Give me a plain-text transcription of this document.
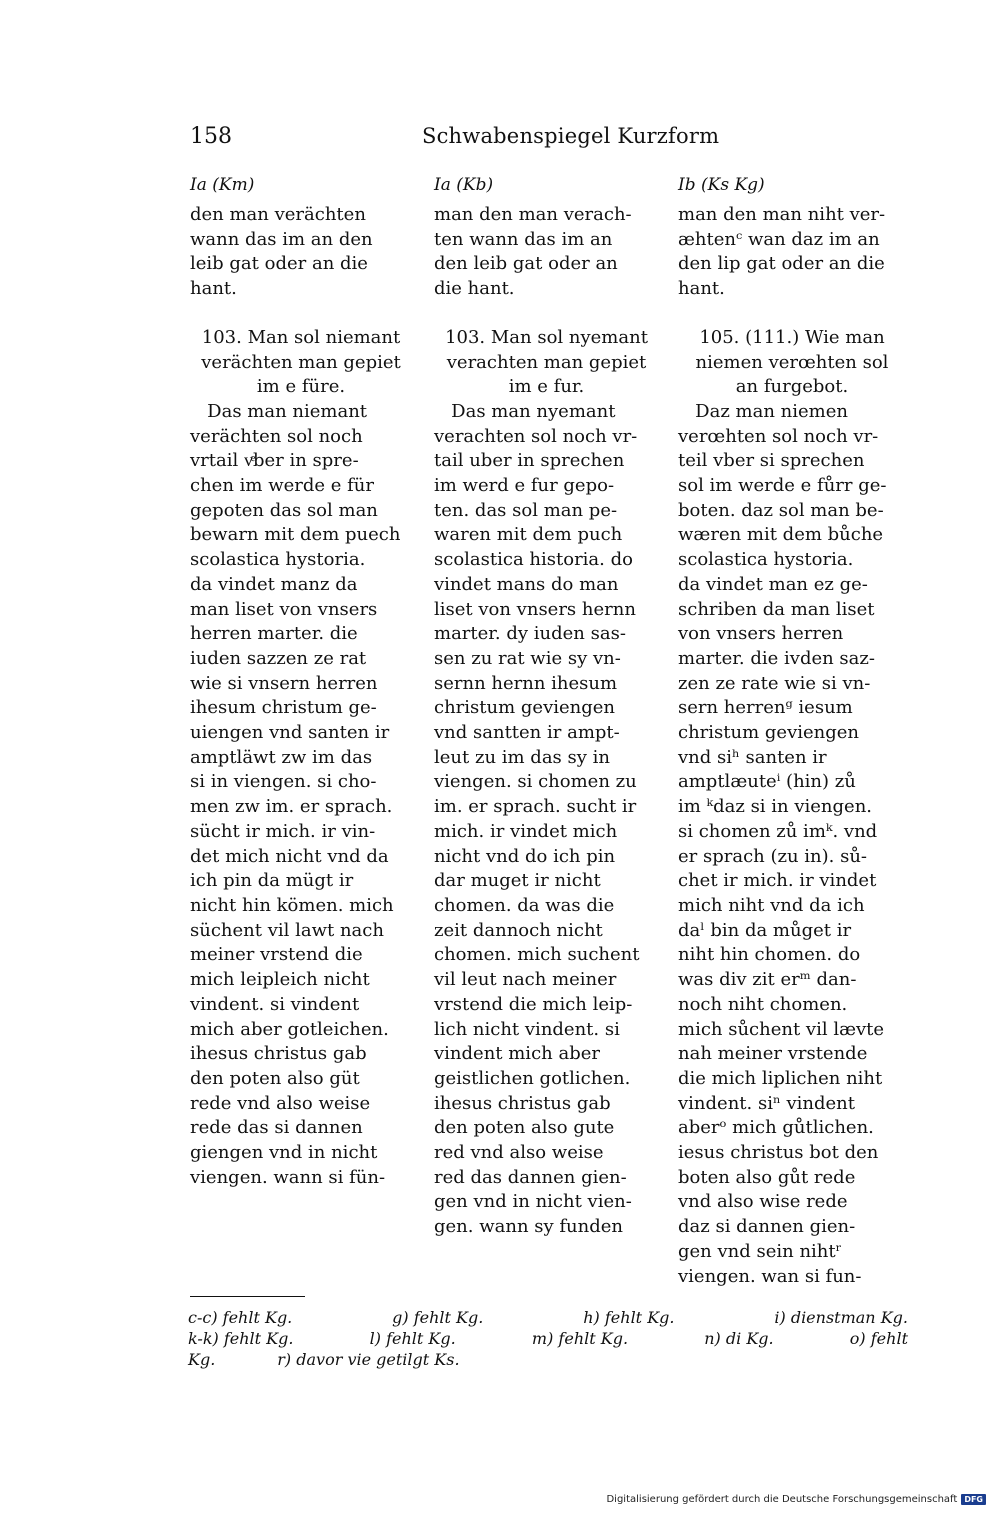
158	Schwabenspiegel Kurzform
Ia (Km)
den man verächten
wann das im an den
leib gat oder an die
hant.
103. Man sol niemant
verächten man gepiet
im e füre.
Das man niemant
verächten sol noch
vrtail vͤber in spre-
chen im werde e für
gepoten das sol man
bewarn mit dem puech
scolastica hystoria.
da vindet manz da
man liset von vnsers
herren marter. die
iuden sazzen ze rat
wie si vnsern herren
ihesum christum ge-
uiengen vnd santen ir
amptläwt zw im das
si in viengen. si cho-
men zw im. er sprach.
sücht ir mich. ir vin-
det mich nicht vnd da
ich pin da mügt ir
nicht hin kömen. mich
süchent vil lawt nach
meiner vrstend die
mich leipleich nicht
vindent. si vindent
mich aber gotleichen.
ihesus christus gab
den poten also güt
rede vnd also weise
rede das si dannen
giengen vnd in nicht
viengen. wann si fün-
Ia (Kb)
man den man verach-
ten wann das im an
den leib gat oder an
die hant.
103. Man sol nyemant
verachten man gepiet
im e fur.
Das man nyemant
verachten sol noch vr-
tail uber in sprechen
im werd e fur gepo-
ten. das sol man pe-
waren mit dem puch
scolastica historia. do
vindet mans do man
liset von vnsers hernn
marter. dy iuden sas-
sen zu rat wie sy vn-
sernn hernn ihesum
christum geviengen
vnd santten ir ampt-
leut zu im das sy in
viengen. si chomen zu
im. er sprach. sucht ir
mich. ir vindet mich
nicht vnd do ich pin
dar muget ir nicht
chomen. da was die
zeit dannoch nicht
chomen. mich suchent
vil leut nach meiner
vrstend die mich leip-
lich nicht vindent. si
vindent mich aber
geistlichen gotlichen.
ihesus christus gab
den poten also gute
red vnd also weise
red das dannen gien-
gen vnd in nicht vien-
gen. wann sy funden
Ib (Ks Kg)
man den man niht ver-
æhtenᶜ wan daz im an
den lip gat oder an die
hant.
105. (111.) Wie man
niemen verœhten sol
an furgebot.
Daz man niemen
verœhten sol noch vr-
teil vber si sprechen
sol im werde e fůrr ge-
boten. daz sol man be-
wæren mit dem bůche
scolastica hystoria.
da vindet man ez ge-
schriben da man liset
von vnsers herren
marter. die ivden saz-
zen ze rate wie si vn-
sern herrenᵍ iesum
christum geviengen
vnd siʰ santen ir
amptlæuteⁱ (hin) zů
im ᵏdaz si in viengen.
si chomen zů imᵏ. vnd
er sprach (zu in). sů-
chet ir mich. ir vindet
mich niht vnd da ich
daˡ bin da můget ir
niht hin chomen. do
was div zit erᵐ dan-
noch niht chomen.
mich sůchent vil lævte
nah meiner vrstende
die mich liplichen niht
vindent. siⁿ vindent
aberᵒ mich gůtlichen.
iesus christus bot den
boten also gůt rede
vnd also wise rede
daz si dannen gien-
gen vnd sein nihtʳ
viengen. wan si fun-
c-c) fehlt Kg.	g) fehlt Kg.	h) fehlt Kg.	i) dienstman Kg.
k-k) fehlt Kg.	l) fehlt Kg.	m) fehlt Kg.	n) di Kg.	o) fehlt
Kg.	r) davor vie getilgt Ks.
Digitalisierung gefördert durch die Deutsche Forschungsgemeinschaft DFG
